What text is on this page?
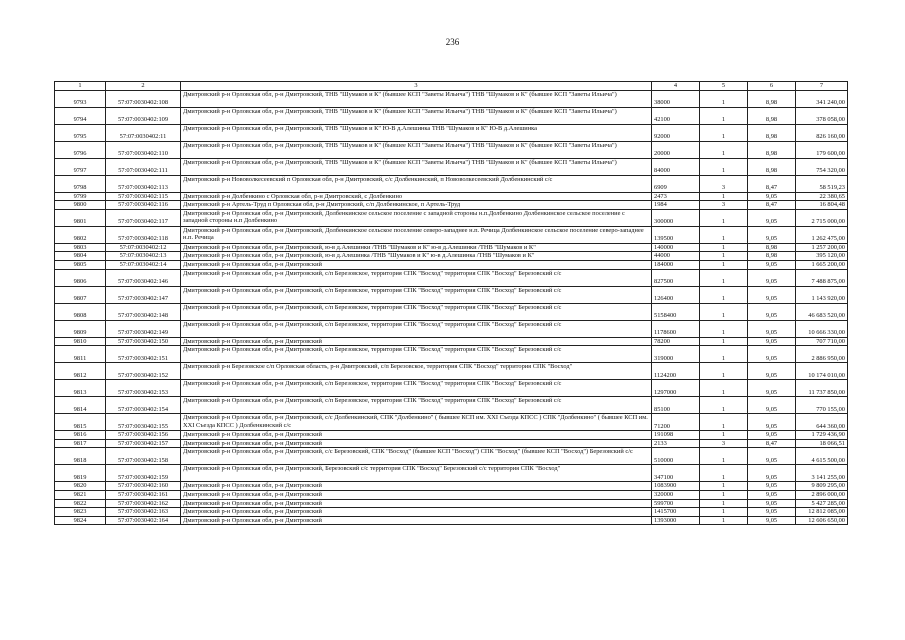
236
1	2	3	4	5	6	7
9793	57:07:0030402:108	Дмитровский р-н Орловская обл, р-н Дмитровский, ТНВ "Шумаков и К" (бывшее КСП "Заветы Ильича") ТНВ "Шумаков и К" (бывшее КСП "Заветы Ильича")	38000	1	8,98	341 240,00
9794	57:07:0030402:109	Дмитровский р-н Орловская обл, р-н Дмитровский, ТНВ "Шумаков и К" (бывшее КСП "Заветы Ильича") ТНВ "Шумаков и К" (бывшее КСП "Заветы Ильича")	42100	1	8,98	378 058,00
9795	57:07:0030402:11	Дмитровский р-н Орловская обл, р-н Дмитровский, ТНВ "Шумаков и К" Ю-В д.Алешинка ТНВ "Шумаков и К" Ю-В д.Алешинка	92000	1	8,98	826 160,00
9796	57:07:0030402:110	Дмитровский р-н Орловская обл, р-н Дмитровский, ТНВ "Шумаков и К" (бывшее КСП "Заветы Ильича") ТНВ "Шумаков и К" (бывшее КСП "Заветы Ильича")	20000	1	8,98	179 600,00
9797	57:07:0030402:111	Дмитровский р-н Орловская обл, р-н Дмитровский, ТНВ "Шумаков и К" (бывшее КСП "Заветы Ильича") ТНВ "Шумаков и К" (бывшее КСП "Заветы Ильича")	84000	1	8,98	754 320,00
9798	57:07:0030402:113	Дмитровский р-н Нововолкесеевский п Орловская обл, р-н Дмитровский, с/с Долбенкинский, п Нововолкесеевский Долбенкинский с/с	6909	3	8,47	58 519,23
9799	57:07:0030402:115	Дмитровский р-н Долбенкино с Орловская обл, р-н Дмитровский, с Долбенкино	2473	1	9,05	22 380,65
9800	57:07:0030402:116	Дмитровский р-н Артель-Труд п Орловская обл, р-н Дмитровский, с/п Долбенкинское, п Артель-Труд	1984	3	8,47	16 804,48
9801	57:07:0030402:117	Дмитровский р-н Орловская обл, р-н Дмитровский, Долбенкинское сельское поселение с западной стороны н.п.Долбенкино Долбенкинское сельское поселение с западной стороны н.п Долбенкино	300000	1	9,05	2 715 000,00
9802	57:07:0030402:118	Дмитровский р-н Орловская обл, р-н Дмитровский, Долбенкинское сельское поселение северо-западнее н.п. Речица Долбенкинское сельское поселение северо-западнее н.п. Речица	139500	1	9,05	1 262 475,00
9803	57:07:0030402:12	Дмитровский р-н Орловская обл, р-н Дмитровский, ю-в д.Алешинки /ТНВ "Шумаков и К" ю-в д.Алешинки /ТНВ "Шумаков и К"	140000	1	8,98	1 257 200,00
9804	57:07:0030402:13	Дмитровский р-н Орловская обл, р-н Дмитровский, ю-в д.Алешинка /ТНВ "Шумаков и К" ю-в д.Алешинка /ТНВ "Шумаков и К"	44000	1	8,98	395 120,00
9805	57:07:0030402:14	Дмитровский р-н Орловская обл, р-н Дмитровский	184000	1	9,05	1 665 200,00
9806	57:07:0030402:146	Дмитровский р-н Орловская обл, р-н Дмитровский, с/п Березовское, территория СПК "Восход" территория СПК "Восход" Березовский с/с	827500	1	9,05	7 488 875,00
9807	57:07:0030402:147	Дмитровский р-н Орловская обл, р-н Дмитровский, с/п Березовское, территория СПК "Восход" территория СПК "Восход" Березовский с/с	126400	1	9,05	1 143 920,00
9808	57:07:0030402:148	Дмитровский р-н Орловская обл, р-н Дмитровский, с/п Березовское, территория СПК "Восход" территория СПК "Восход" Березовский с/с	5158400	1	9,05	46 683 520,00
9809	57:07:0030402:149	Дмитровский р-н Орловская обл, р-н Дмитровский, с/п Березовское, территория СПК "Восход" территория СПК "Восход" Березовский с/с	1178600	1	9,05	10 666 330,00
9810	57:07:0030402:150	Дмитровский р-н Орловская обл, р-н Дмитровский	78200	1	9,05	707 710,00
9811	57:07:0030402:151	Дмитровский р-н Орловская обл, р-н Дмитровский, с/п Березовское, территория СПК "Восход" территория СПК "Восход" Березовский с/с	319000	1	9,05	2 886 950,00
9812	57:07:0030402:152	Дмитровский р-н Березовское с/п Орловская область, р-н Дмитровский, с/п Березовское, территория СПК "Восход" территория СПК "Восход"	1124200	1	9,05	10 174 010,00
9813	57:07:0030402:153	Дмитровский р-н Орловская обл, р-н Дмитровский, с/п Березовское, территория СПК "Восход" территория СПК "Восход" Березовский с/с	1297000	1	9,05	11 737 850,00
9814	57:07:0030402:154	Дмитровский р-н Орловская обл, р-н Дмитровский, с/п Березовское, территория СПК "Восход" территория СПК "Восход" Березовский с/с	85100	1	9,05	770 155,00
9815	57:07:0030402:155	Дмитровский р-н Орловская обл, р-н Дмитровский, с/с Долбенкинский, СПК "Долбенкино" ( бывшее КСП им. XXI Съезда КПСС ) СПК "Долбенкино" ( бывшее КСП им. XXI Съезда КПСС ) Долбенкинский с/с	71200	1	9,05	644 360,00
9816	57:07:0030402:156	Дмитровский р-н Орловская обл, р-н Дмитровский	191098	1	9,05	1 729 436,90
9817	57:07:0030402:157	Дмитровский р-н Орловская обл, р-н Дмитровский	2133	3	8,47	18 066,51
9818	57:07:0030402:158	Дмитровский р-н Орловская обл, р-н Дмитровский, с/с Березовский, СПК "Восход" (бывшее КСП "Восход") СПК "Восход" (бывшее КСП "Восход") Березовский с/с	510000	1	9,05	4 615 500,00
9819	57:07:0030402:159	Дмитровский р-н Орловская обл, р-н Дмитровский, Березовский с/с территория СПК "Восход" Березовский с/с территория СПК "Восход"	347100	1	9,05	3 141 255,00
9820	57:07:0030402:160	Дмитровский р-н Орловская обл, р-н Дмитровский	1083900	1	9,05	9 809 295,00
9821	57:07:0030402:161	Дмитровский р-н Орловская обл, р-н Дмитровский	320000	1	9,05	2 896 000,00
9822	57:07:0030402:162	Дмитровский р-н Орловская обл, р-н Дмитровский	599700	1	9,05	5 427 285,00
9823	57:07:0030402:163	Дмитровский р-н Орловская обл, р-н Дмитровский	1415700	1	9,05	12 812 085,00
9824	57:07:0030402:164	Дмитровский р-н Орловская обл, р-н Дмитровский	1393000	1	9,05	12 606 650,00
